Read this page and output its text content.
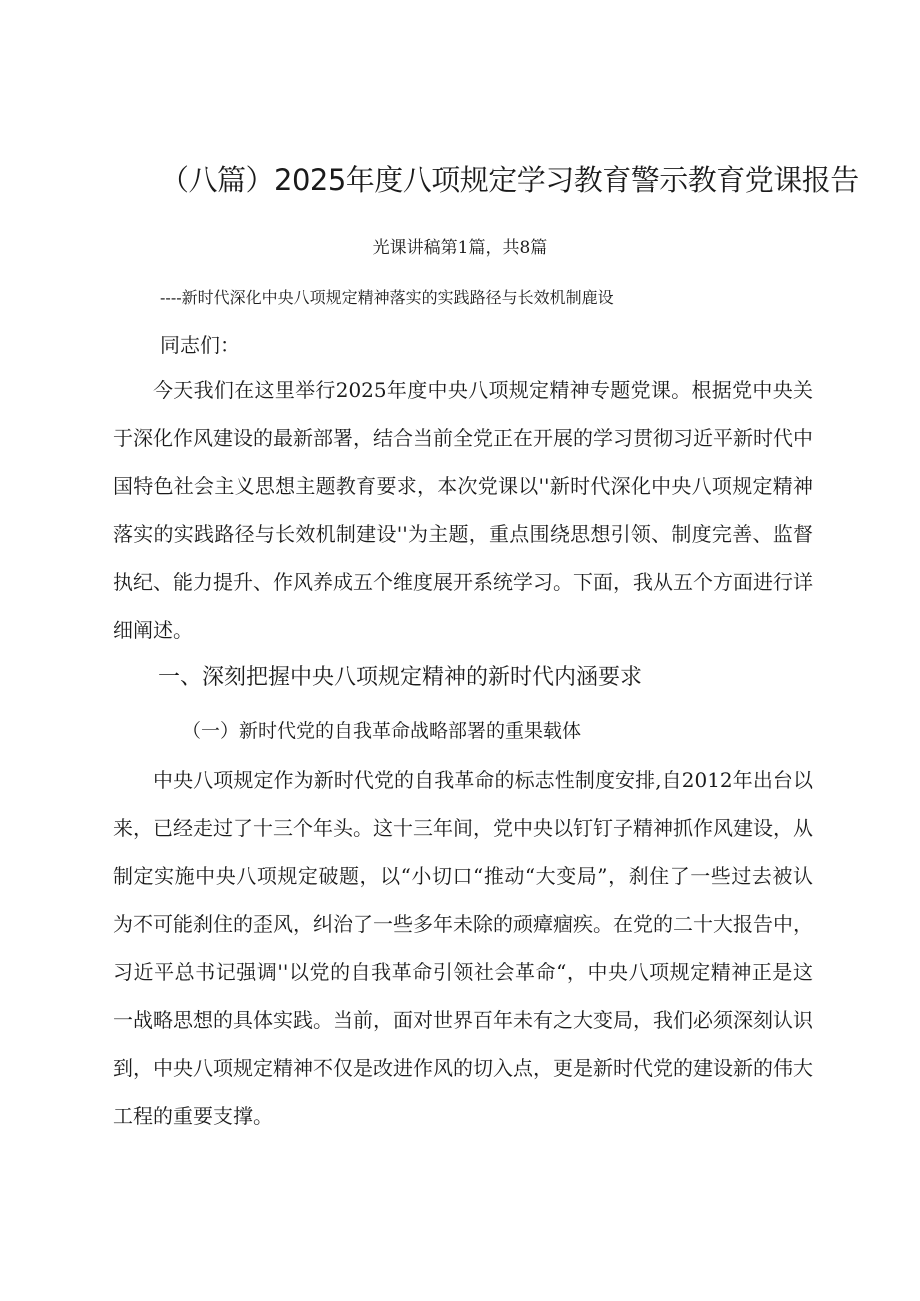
（八篇）2025年度八项规定学习教育警示教育党课报告
光课讲稿第1篇，共8篇
----新时代深化中央八项规定精神落实的实践路径与长效机制鹿设
同志们：

今天我们在这里举行2025年度中央八项规定精神专题党课。根据党中央关于深化作风建设的最新部署，结合当前全党正在开展的学习贯彻习近平新时代中国特色社会主义思想主题教育要求，本次党课以''新时代深化中央八项规定精神落实的实践路径与长效机制建设''为主题，重点围绕思想引领、制度完善、监督执纪、能力提升、作风养成五个维度展开系统学习。下面，我从五个方面进行详细阐述。

一、深刻把握中央八项规定精神的新时代内涵要求
（一）新时代党的自我革命战略部署的重果载体

中央八项规定作为新时代党的自我革命的标志性制度安排,自2012年出台以来，已经走过了十三个年头。这十三年间，党中央以钉钉子精神抓作风建设，从制定实施中央八项规定破题，以“小切口“推动“大变局”，刹住了一些过去被认为不可能刹住的歪风，纠治了一些多年未除的顽瘴痼疾。在党的二十大报告中，习近平总书记强调''以党的自我革命引领社会革命“，中央八项规定精神正是这一战略思想的具体实践。当前，面对世界百年未有之大变局，我们必须深刻认识到，中央八项规定精神不仅是改进作风的切入点，更是新时代党的建设新的伟大工程的重要支撑。
